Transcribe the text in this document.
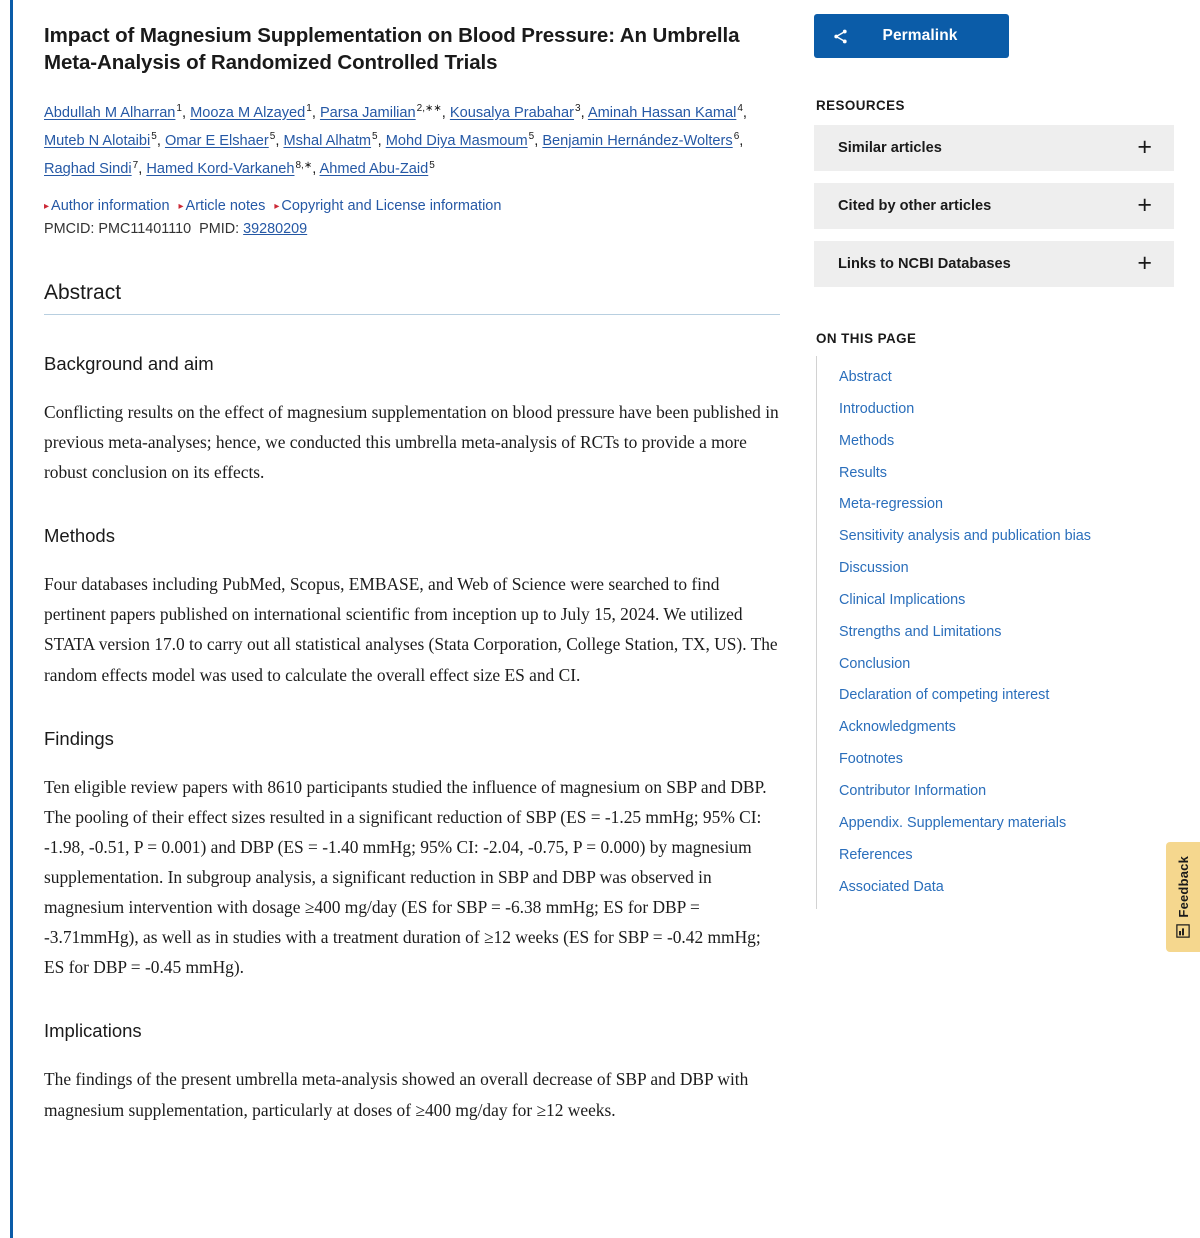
Impact of Magnesium Supplementation on Blood Pressure: An Umbrella Meta-Analysis of Randomized Controlled Trials
Abdullah M Alharran$^1$, Mooza M Alzayed$^1$, Parsa Jamilian$^{2,∗∗}$, Kousalya Prabahar$^3$, Aminah Hassan Kamal$^4$, Muteb N Alotaibi$^5$, Omar E Elshaer$^5$, Mshal Alhatm$^5$, Mohd Diya Masmoum$^5$, Benjamin Hernández-Wolters$^6$, Raghad Sindi$^7$, Hamed Kord-Varkaneh$^{8,∗}$, Ahmed Abu-Zaid$^5$
▸ Author information ▸ Article notes ▸ Copyright and License information
PMCID: PMC11401110 PMID: 39280209
Abstract
Background and aim

Conflicting results on the effect of magnesium supplementation on blood pressure have been published in previous meta-analyses; hence, we conducted this umbrella meta-analysis of RCTs to provide a more robust conclusion on its effects.

Methods

Four databases including PubMed, Scopus, EMBASE, and Web of Science were searched to find pertinent papers published on international scientific from inception up to July 15, 2024. We utilized STATA version 17.0 to carry out all statistical analyses (Stata Corporation, College Station, TX, US). The random effects model was used to calculate the overall effect size ES and CI.

Findings

Ten eligible review papers with 8610 participants studied the influence of magnesium on SBP and DBP. The pooling of their effect sizes resulted in a significant reduction of SBP (ES = -1.25 mmHg; 95% CI: -1.98, -0.51, P = 0.001) and DBP (ES = -1.40 mmHg; 95% CI: -2.04, -0.75, P = 0.000) by magnesium supplementation. In subgroup analysis, a significant reduction in SBP and DBP was observed in magnesium intervention with dosage ≥400 mg/day (ES for SBP = -6.38 mmHg; ES for DBP = -3.71mmHg), as well as in studies with a treatment duration of ≥12 weeks (ES for SBP = -0.42 mmHg; ES for DBP = -0.45 mmHg).

Implications

The findings of the present umbrella meta-analysis showed an overall decrease of SBP and DBP with magnesium supplementation, particularly at doses of ≥400 mg/day for ≥12 weeks.

Permalink
RESOURCES
Similar articles	+
Cited by other articles	+
Links to NCBI Databases	+
ON THIS PAGE
Abstract
Introduction
Methods
Results
Meta-regression
Sensitivity analysis and publication bias
Discussion
Clinical Implications
Strengths and Limitations
Conclusion
Declaration of competing interest
Acknowledgments
Footnotes
Contributor Information
Appendix. Supplementary materials
References
Associated Data	Feedback
